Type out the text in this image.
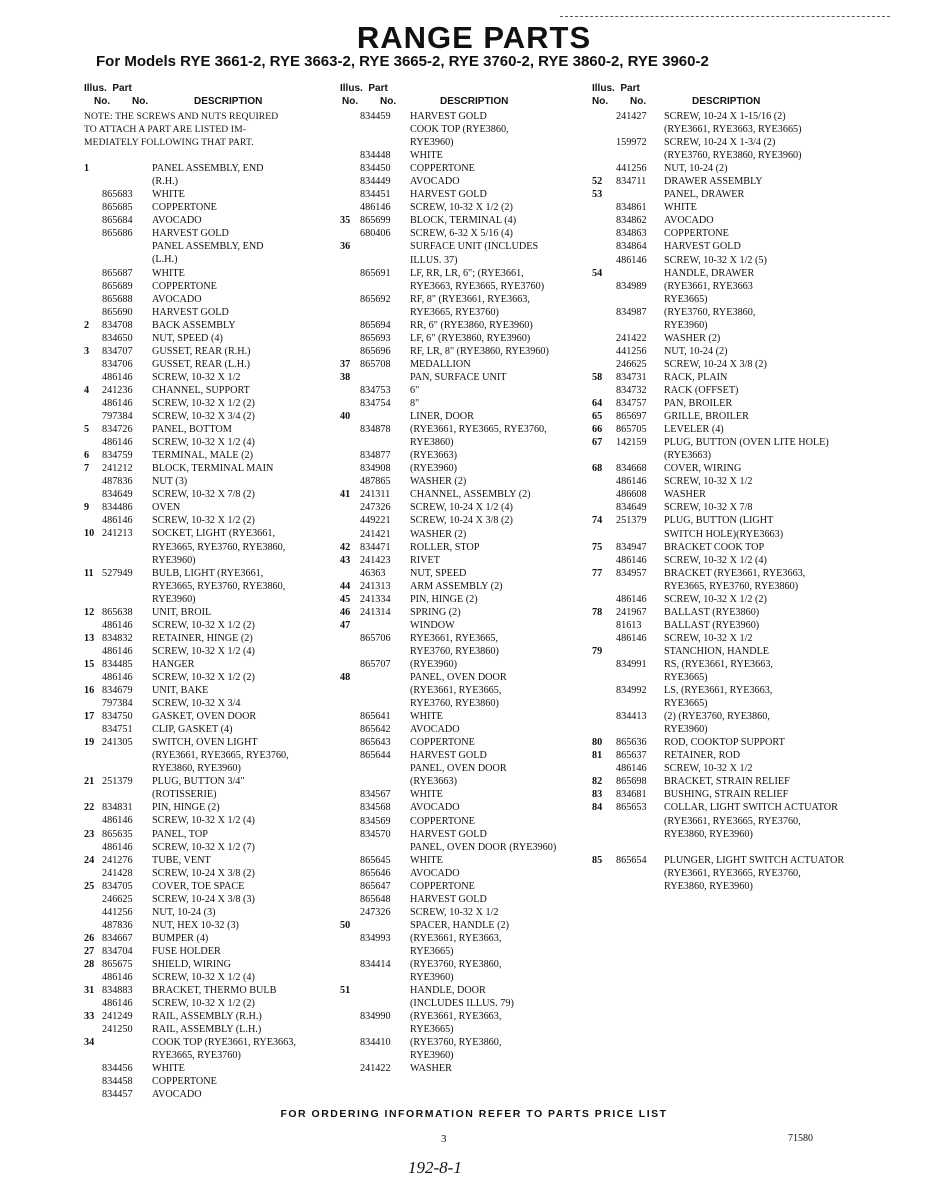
RANGE PARTS
For Models RYE 3661-2, RYE 3663-2, RYE 3665-2, RYE 3760-2, RYE 3860-2, RYE 3960-2
Illus. Part
No. No.	DESCRIPTION
NOTE: THE SCREWS AND NUTS REQUIRED
TO ATTACH A PART ARE LISTED IM-
MEDIATELY FOLLOWING THAT PART.
1	PANEL ASSEMBLY, END
(R.H.)
865683 WHITE
865685 COPPERTONE
865684 AVOCADO
865686 HARVEST GOLD
PANEL ASSEMBLY, END
(L.H.)
865687 WHITE
865689 COPPERTONE
865688 AVOCADO
865690 HARVEST GOLD
2 834708 BACK ASSEMBLY
834650 NUT, SPEED (4)
3 834707 GUSSET, REAR (R.H.)
834706 GUSSET, REAR (L.H.)
486146 SCREW, 10-32 X 1/2
4 241236 CHANNEL, SUPPORT
486146 SCREW, 10-32 X 1/2 (2)
797384 SCREW, 10-32 X 3/4 (2)
5 834726 PANEL, BOTTOM
486146 SCREW, 10-32 X 1/2 (4)
6 834759 TERMINAL, MALE (2)
7 241212 BLOCK, TERMINAL MAIN
487836 NUT (3)
834649 SCREW, 10-32 X 7/8 (2)
9 834486 OVEN
486146 SCREW, 10-32 X 1/2 (2)
10 241213 SOCKET, LIGHT (RYE3661,
RYE3665, RYE3760, RYE3860,
RYE3960)
11 527949 BULB, LIGHT (RYE3661,
RYE3665, RYE3760, RYE3860,
RYE3960)
12 865638 UNIT, BROIL
486146 SCREW, 10-32 X 1/2 (2)
13 834832 RETAINER, HINGE (2)
486146 SCREW, 10-32 X 1/2 (4)
15 834485 HANGER
486146 SCREW, 10-32 X 1/2 (2)
16 834679 UNIT, BAKE
797384 SCREW, 10-32 X 3/4
17 834750 GASKET, OVEN DOOR
834751 CLIP, GASKET (4)
19 241305 SWITCH, OVEN LIGHT
(RYE3661, RYE3665, RYE3760,
RYE3860, RYE3960)
21 251379 PLUG, BUTTON 3/4"
(ROTISSERIE)
22 834831 PIN, HINGE (2)
486146 SCREW, 10-32 X 1/2 (4)
23 865635 PANEL, TOP
486146 SCREW, 10-32 X 1/2 (7)
24 241276 TUBE, VENT
241428 SCREW, 10-24 X 3/8 (2)
25 834705 COVER, TOE SPACE
246625 SCREW, 10-24 X 3/8 (3)
441256 NUT, 10-24 (3)
487836 NUT, HEX 10-32 (3)
26 834667 BUMPER (4)
27 834704 FUSE HOLDER
28 865675 SHIELD, WIRING
486146 SCREW, 10-32 X 1/2 (4)
31 834883 BRACKET, THERMO BULB
486146 SCREW, 10-32 X 1/2 (2)
33 241249 RAIL, ASSEMBLY (R.H.)
241250 RAIL, ASSEMBLY (L.H.)
34	COOK TOP (RYE3661, RYE3663,
RYE3665, RYE3760)
834456 WHITE
834458 COPPERTONE
834457 AVOCADO
Illus. Part
No. No.	DESCRIPTION
834459 HARVEST GOLD
COOK TOP (RYE3860,
RYE3960)
834448 WHITE
834450 COPPERTONE
834449 AVOCADO
834451 HARVEST GOLD
486146 SCREW, 10-32 X 1/2 (2)
35 865699 BLOCK, TERMINAL (4)
680406 SCREW, 6-32 X 5/16 (4)
36	SURFACE UNIT (INCLUDES
ILLUS. 37)
865691 LF, RR, LR, 6"; (RYE3661,
RYE3663, RYE3665, RYE3760)
865692 RF, 8" (RYE3661, RYE3663,
RYE3665, RYE3760)
865694 RR, 6" (RYE3860, RYE3960)
865693 LF, 6" (RYE3860, RYE3960)
865696 RF, LR, 8" (RYE3860, RYE3960)
37 865708 MEDALLION
38	PAN, SURFACE UNIT
834753 6"
834754 8"
40	LINER, DOOR
834878 (RYE3661, RYE3665, RYE3760,
RYE3860)
834877 (RYE3663)
834908 (RYE3960)
487865 WASHER (2)
41 241311 CHANNEL, ASSEMBLY (2)
247326 SCREW, 10-24 X 1/2 (4)
449221 SCREW, 10-24 X 3/8 (2)
241421 WASHER (2)
42 834471 ROLLER, STOP
43 241423 RIVET
46363 NUT, SPEED
44 241313 ARM ASSEMBLY (2)
45 241334 PIN, HINGE (2)
46 241314 SPRING (2)
47	WINDOW
865706 RYE3661, RYE3665,
RYE3760, RYE3860)
865707 (RYE3960)
48	PANEL, OVEN DOOR
(RYE3661, RYE3665,
RYE3760, RYE3860)
865641 WHITE
865642 AVOCADO
865643 COPPERTONE
865644 HARVEST GOLD
PANEL, OVEN DOOR
(RYE3663)
834567 WHITE
834568 AVOCADO
834569 COPPERTONE
834570 HARVEST GOLD
PANEL, OVEN DOOR (RYE3960)
865645 WHITE
865646 AVOCADO
865647 COPPERTONE
865648 HARVEST GOLD
247326 SCREW, 10-32 X 1/2
50	SPACER, HANDLE (2)
834993 (RYE3661, RYE3663,
RYE3665)
834414 (RYE3760, RYE3860,
RYE3960)
51	HANDLE, DOOR
(INCLUDES ILLUS. 79)
834990 (RYE3661, RYE3663,
RYE3665)
834410 (RYE3760, RYE3860,
RYE3960)
241422 WASHER
Illus. Part
No. No.	DESCRIPTION
241427 SCREW, 10-24 X 1-15/16 (2)
(RYE3661, RYE3663, RYE3665)
159972 SCREW, 10-24 X 1-3/4 (2)
(RYE3760, RYE3860, RYE3960)
441256 NUT, 10-24 (2)
52 834711 DRAWER ASSEMBLY
53	PANEL, DRAWER
834861 WHITE
834862 AVOCADO
834863 COPPERTONE
834864 HARVEST GOLD
486146 SCREW, 10-32 X 1/2 (5)
54	HANDLE, DRAWER
834989 (RYE3661, RYE3663
RYE3665)
834987 (RYE3760, RYE3860,
RYE3960)
241422 WASHER (2)
441256 NUT, 10-24 (2)
246625 SCREW, 10-24 X 3/8 (2)
58 834731 RACK, PLAIN
834732 RACK (OFFSET)
64 834757 PAN, BROILER
65 865697 GRILLE, BROILER
66 865705 LEVELER (4)
67 142159 PLUG, BUTTON (OVEN LITE HOLE)
(RYE3663)
68 834668 COVER, WIRING
486146 SCREW, 10-32 X 1/2
486608 WASHER
834649 SCREW, 10-32 X 7/8
74 251379 PLUG, BUTTON (LIGHT
SWITCH HOLE)(RYE3663)
75 834947 BRACKET COOK TOP
486146 SCREW, 10-32 X 1/2 (4)
77 834957 BRACKET (RYE3661, RYE3663,
RYE3665, RYE3760, RYE3860)
486146 SCREW, 10-32 X 1/2 (2)
78 241967 BALLAST (RYE3860)
81613 BALLAST (RYE3960)
486146 SCREW, 10-32 X 1/2
79	STANCHION, HANDLE
834991 RS, (RYE3661, RYE3663,
RYE3665)
834992 LS, (RYE3661, RYE3663,
RYE3665)
834413 (2) (RYE3760, RYE3860,
RYE3960)
80 865636 ROD, COOKTOP SUPPORT
81 865637 RETAINER, ROD
486146 SCREW, 10-32 X 1/2
82 865698 BRACKET, STRAIN RELIEF
83 834681 BUSHING, STRAIN RELIEF
84 865653 COLLAR, LIGHT SWITCH ACTUATOR
(RYE3661, RYE3665, RYE3760,
RYE3860, RYE3960)
85 865654 PLUNGER, LIGHT SWITCH ACTUATOR
(RYE3661, RYE3665, RYE3760,
RYE3860, RYE3960)
FOR ORDERING INFORMATION REFER TO PARTS PRICE LIST
3	71580
192-8-1
